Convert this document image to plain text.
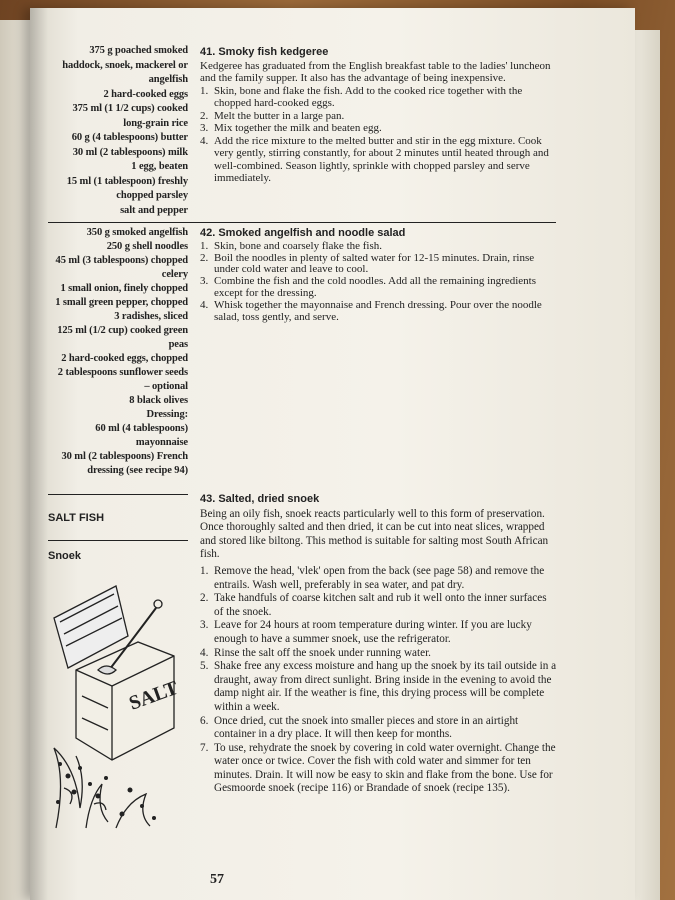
375 g poached smoked
haddock, snoek, mackerel or
angelfish
2 hard-cooked eggs
375 ml (1 1/2 cups) cooked
long-grain rice
60 g (4 tablespoons) butter
30 ml (2 tablespoons) milk
1 egg, beaten
15 ml (1 tablespoon) freshly
chopped parsley
salt and pepper
41. Smoky fish kedgeree

Kedgeree has graduated from the English breakfast table to the ladies' luncheon and the family supper. It also has the advantage of being inexpensive.

1. Skin, bone and flake the fish. Add to the cooked rice together with the chopped hard-cooked eggs.
2. Melt the butter in a large pan.
3. Mix together the milk and beaten egg.
4. Add the rice mixture to the melted butter and stir in the egg mixture. Cook very gently, stirring constantly, for about 2 minutes until heated through and well-combined. Season lightly, sprinkle with chopped parsley and serve immediately.
350 g smoked angelfish
250 g shell noodles
45 ml (3 tablespoons) chopped
celery
1 small onion, finely chopped
1 small green pepper, chopped
3 radishes, sliced
125 ml (1/2 cup) cooked green
peas
2 hard-cooked eggs, chopped
2 tablespoons sunflower seeds
– optional
8 black olives
Dressing:
60 ml (4 tablespoons)
mayonnaise
30 ml (2 tablespoons) French
dressing (see recipe 94)
42. Smoked angelfish and noodle salad
1. Skin, bone and coarsely flake the fish.
2. Boil the noodles in plenty of salted water for 12-15 minutes. Drain, rinse under cold water and leave to cool.
3. Combine the fish and the cold noodles. Add all the remaining ingredients except for the dressing.
4. Whisk together the mayonnaise and French dressing. Pour over the noodle salad, toss gently, and serve.
SALT FISH
Snoek
43. Salted, dried snoek

Being an oily fish, snoek reacts particularly well to this form of preservation. Once thoroughly salted and then dried, it can be cut into neat slices, wrapped and stored like biltong. This method is suitable for salting most South African fish.

1. Remove the head, 'vlek' open from the back (see page 58) and remove the entrails. Wash well, preferably in sea water, and pat dry.
2. Take handfuls of coarse kitchen salt and rub it well onto the inner surfaces of the snoek.
3. Leave for 24 hours at room temperature during winter. If you are lucky enough to have a summer snoek, use the refrigerator.
4. Rinse the salt off the snoek under running water.
5. Shake free any excess moisture and hang up the snoek by its tail outside in a draught, away from direct sunlight. Bring inside in the evening to avoid the damp night air. If the weather is fine, this drying process will be complete within a week.
6. Once dried, cut the snoek into smaller pieces and store in an airtight container in a dry place. It will then keep for months.
7. To use, rehydrate the snoek by covering in cold water overnight. Change the water once or twice. Cover the fish with cold water and simmer for ten minutes. Drain. It will now be easy to skin and flake from the bone. Use for Gesmoorde snoek (recipe 116) or Brandade of snoek (recipe 135).
SALT
57
